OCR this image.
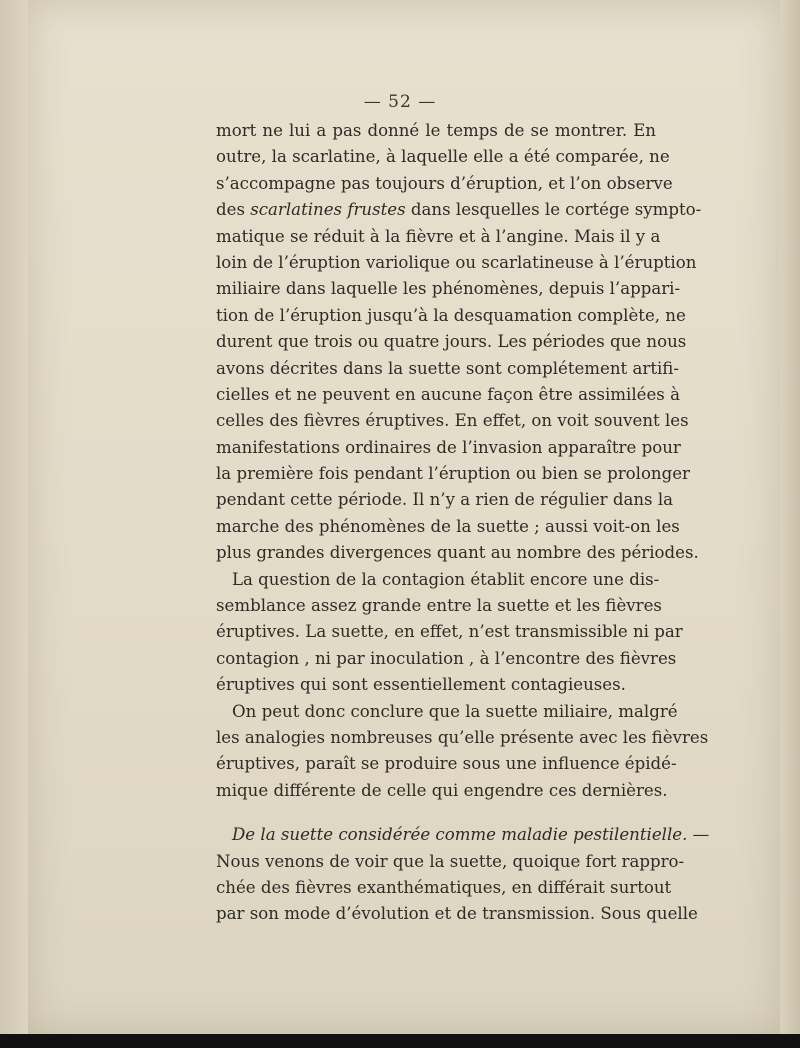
— 52 —
mort ne lui a pas donné le temps de se montrer. En
outre, la scarlatine, à laquelle elle a été comparée, ne
s’accompagne pas toujours d’éruption, et l’on observe
des scarlatines frustes dans lesquelles le cortége sympto-
matique se réduit à la fièvre et à l’angine. Mais il y a
loin de l’éruption variolique ou scarlatineuse à l’éruption
miliaire dans laquelle les phénomènes, depuis l’appari-
tion de l’éruption jusqu’à la desquamation complète, ne
durent que trois ou quatre jours. Les périodes que nous
avons décrites dans la suette sont complétement artifi-
cielles et ne peuvent en aucune façon être assimilées à
celles des fièvres éruptives. En effet, on voit souvent les
manifestations ordinaires de l’invasion apparaître pour
la première fois pendant l’éruption ou bien se prolonger
pendant cette période. Il n’y a rien de régulier dans la
marche des phénomènes de la suette ; aussi voit-on les
plus grandes divergences quant au nombre des périodes.
La question de la contagion établit encore une dis-
semblance assez grande entre la suette et les fièvres
éruptives. La suette, en effet, n’est transmissible ni par
contagion , ni par inoculation , à l’encontre des fièvres
éruptives qui sont essentiellement contagieuses.
On peut donc conclure que la suette miliaire, malgré
les analogies nombreuses qu’elle présente avec les fièvres
éruptives, paraît se produire sous une influence épidé-
mique différente de celle qui engendre ces dernières.
De la suette considérée comme maladie pestilentielle. —
Nous venons de voir que la suette, quoique fort rappro-
chée des fièvres exanthématiques, en différait surtout
par son mode d’évolution et de transmission. Sous quelle
